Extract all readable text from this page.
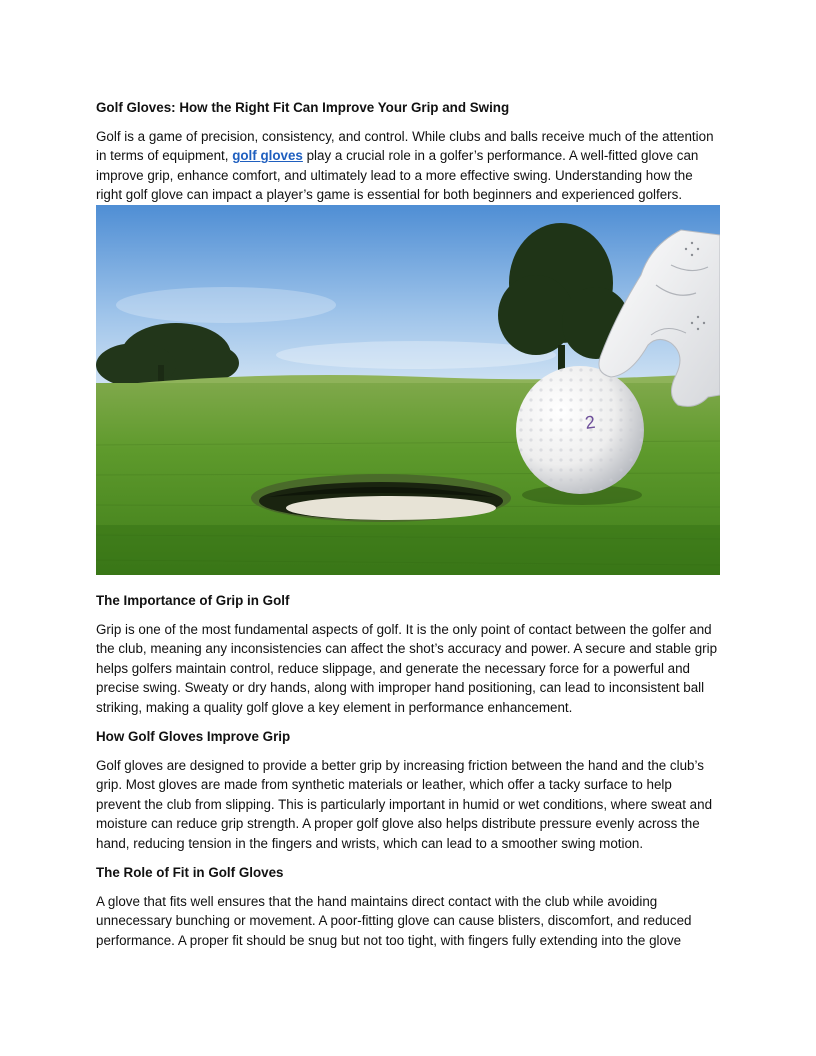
Golf Gloves: How the Right Fit Can Improve Your Grip and Swing

Golf is a game of precision, consistency, and control. While clubs and balls receive much of the attention in terms of equipment, golf gloves play a crucial role in a golfer’s performance. A well-fitted glove can improve grip, enhance comfort, and ultimately lead to a more effective swing. Understanding how the right golf glove can impact a player’s game is essential for both beginners and experienced golfers.

2
The Importance of Grip in Golf

Grip is one of the most fundamental aspects of golf. It is the only point of contact between the golfer and the club, meaning any inconsistencies can affect the shot’s accuracy and power. A secure and stable grip helps golfers maintain control, reduce slippage, and generate the necessary force for a powerful and precise swing. Sweaty or dry hands, along with improper hand positioning, can lead to inconsistent ball striking, making a quality golf glove a key element in performance enhancement.

How Golf Gloves Improve Grip

Golf gloves are designed to provide a better grip by increasing friction between the hand and the club’s grip. Most gloves are made from synthetic materials or leather, which offer a tacky surface to help prevent the club from slipping. This is particularly important in humid or wet conditions, where sweat and moisture can reduce grip strength. A proper golf glove also helps distribute pressure evenly across the hand, reducing tension in the fingers and wrists, which can lead to a smoother swing motion.

The Role of Fit in Golf Gloves

A glove that fits well ensures that the hand maintains direct contact with the club while avoiding unnecessary bunching or movement. A poor-fitting glove can cause blisters, discomfort, and reduced performance. A proper fit should be snug but not too tight, with fingers fully extending into the glove
